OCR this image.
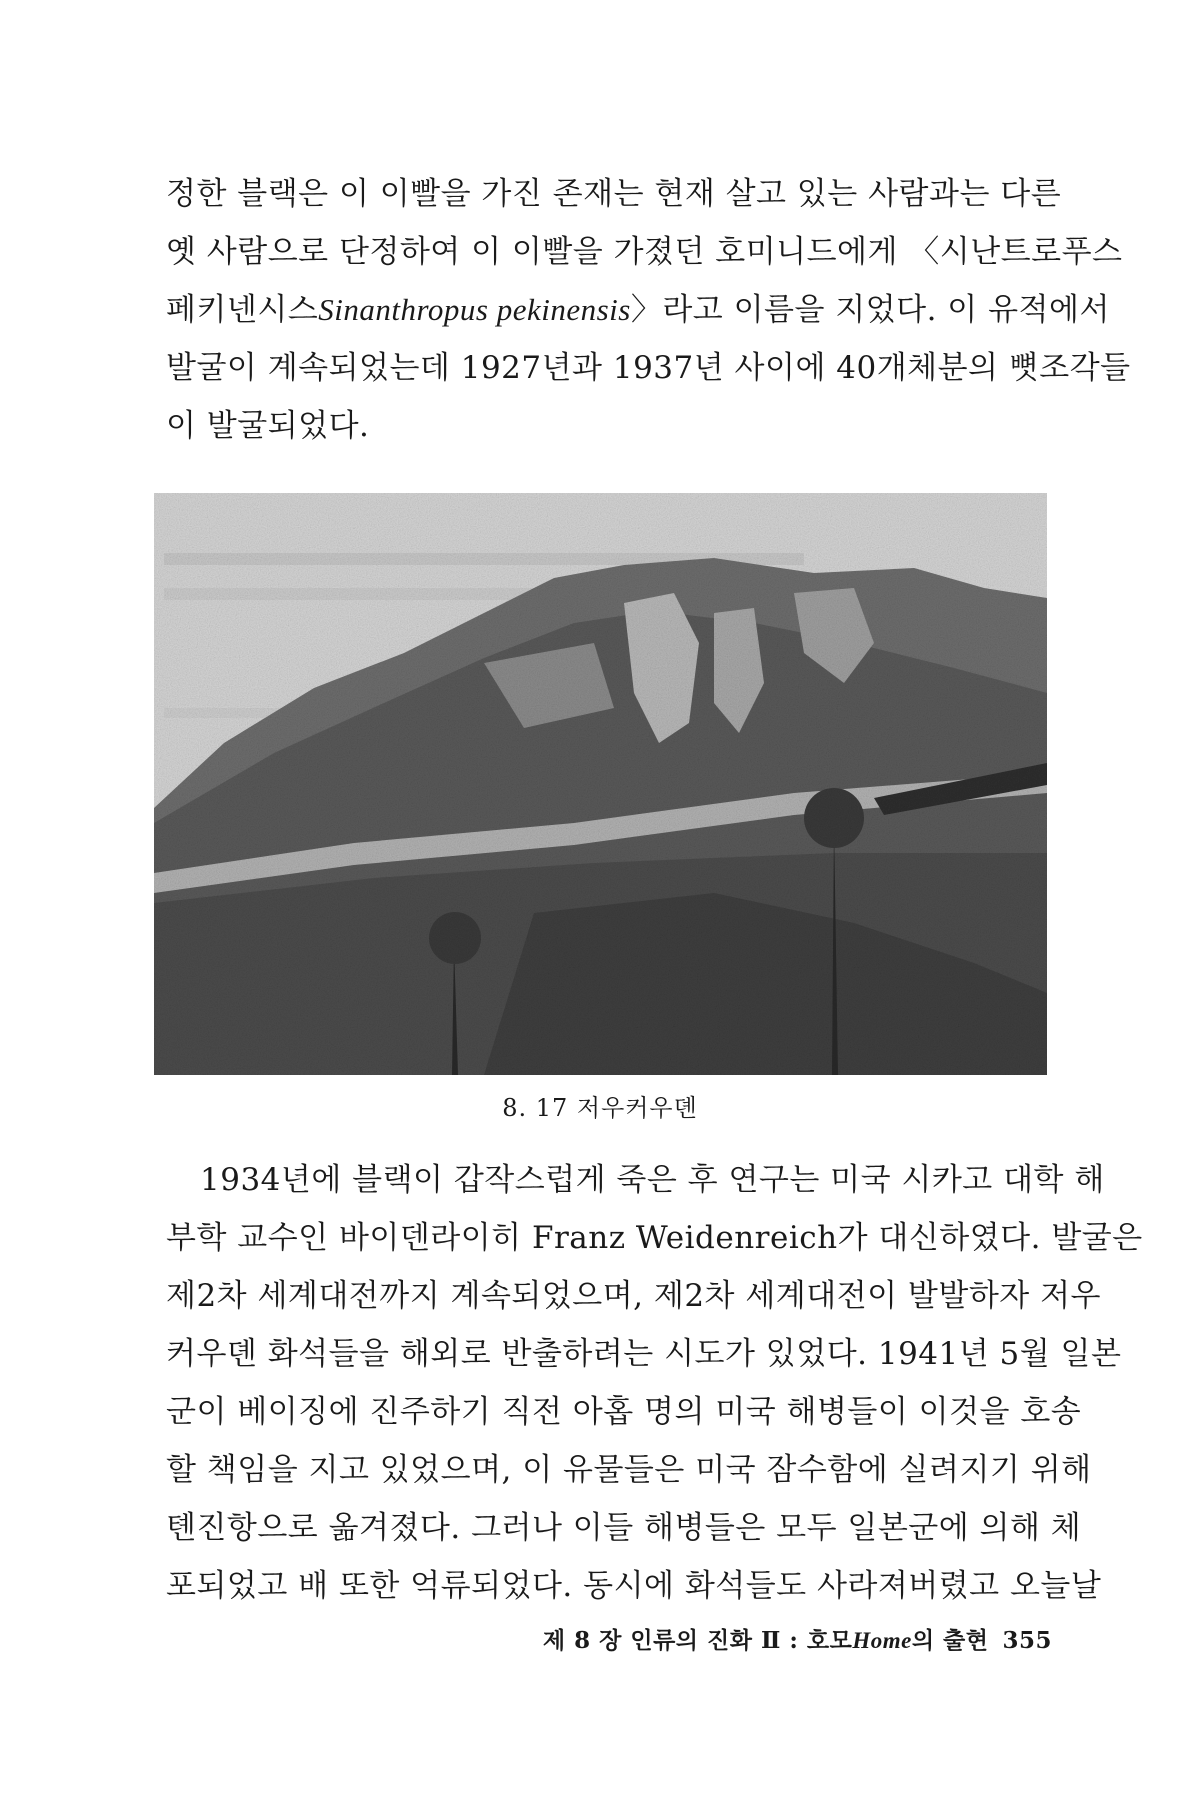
정한 블랙은 이 이빨을 가진 존재는 현재 살고 있는 사람과는 다른

옛 사람으로 단정하여 이 이빨을 가졌던 호미니드에게 〈시난트로푸스

페키넨시스Sinanthropus pekinensis〉라고 이름을 지었다. 이 유적에서

발굴이 계속되었는데 1927년과 1937년 사이에 40개체분의 뼛조각들

이 발굴되었다.

8. 17 저우커우뎬

1934년에 블랙이 갑작스럽게 죽은 후 연구는 미국 시카고 대학 해

부학 교수인 바이덴라이히 Franz Weidenreich가 대신하였다. 발굴은

제2차 세계대전까지 계속되었으며, 제2차 세계대전이 발발하자 저우

커우뎬 화석들을 해외로 반출하려는 시도가 있었다. 1941년 5월 일본

군이 베이징에 진주하기 직전 아홉 명의 미국 해병들이 이것을 호송

할 책임을 지고 있었으며, 이 유물들은 미국 잠수함에 실려지기 위해

톈진항으로 옮겨졌다. 그러나 이들 해병들은 모두 일본군에 의해 체

포되었고 배 또한 억류되었다. 동시에 화석들도 사라져버렸고 오늘날

제 8 장 인류의 진화 Ⅱ : 호모Home의 출현 355
